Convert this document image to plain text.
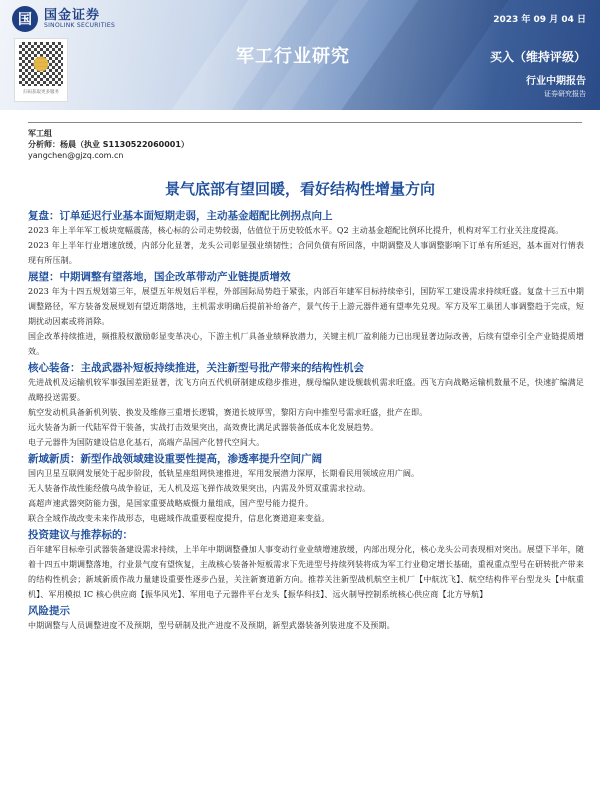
国 国金证券
SINOLINK SECURITIES
扫码获取更多服务
2023 年 09 月 04 日
军工行业研究	买入（维持评级）
行业中期报告
证券研究报告
军工组
分析师：杨晨（执业 S1130522060001）
yangchen@gjzq.com.cn
景气底部有望回暖，看好结构性增量方向
复盘：订单延迟行业基本面短期走弱，主动基金超配比例拐点向上

2023 年上半年军工板块宽幅震荡，核心标的公司走势较弱，估值位于历史较低水平。Q2 主动基金超配比例环比提升，机构对军工行业关注度提高。

2023 年上半年行业增速放缓，内部分化显著，龙头公司彰显强业绩韧性；合同负债有所回落，中期调整及人事调整影响下订单有所延迟，基本面对行情表现有所压制。

展望：中期调整有望落地，国企改革带动产业链提质增效

2023 年为十四五规划第三年，展望五年规划后半程，外部国际局势趋于紧张，内部百年建军目标持续牵引，国防军工建设需求持续旺盛。复盘十三五中期调整路径，军方装备发展规划有望近期落地，主机需求明确后提前补给备产，景气传于上游元器件通有望率先兑现。军方及军工巢团人事调整趋于完成，短期扰动因素或将消除。

国企改革持续推进，频推股权激励彰显变革决心，下游主机厂具备业绩释放潜力，关键主机厂盈利能力已出现显著边际改善，后续有望牵引全产业链提质增效。

核心装备：主战武器补短板持续推进，关注新型号批产带来的结构性机会

先进战机及运输机较军事强国差距显著，沈飞方向五代机研制建成稳步推进，舰母编队建设舰载机需求旺盛。西飞方向战略运输机数量不足，快速扩编满足战略投送需要。

航空发动机具备新机列装、换发及维修三重增长逻辑，赛道长坡厚雪，黎阳方向中推型号需求旺盛，批产在即。

远火装备为新一代陆军骨干装备，实战打击效果突出，高效费比满足武器装备低成本化发展趋势。

电子元器件为国防建设信息化基石，高端产品国产化替代空间大。

新域新质：新型作战领域建设重要性提高，渗透率提升空间广阔

国内卫星互联网发展处于起步阶段，低轨星座组网快速推进，军用发展潜力深厚，长期看民用领域应用广阔。

无人装备作战性能经俄乌战争验证，无人机及巡飞弹作战效果突出，内需及外贸双重需求拉动。

高超声速武器突防能力强，是国家重要战略威慑力量组成，国产型号能力提升。

联合全域作战改变未来作战形态，电磁域作战重要程度提升，信息化赛道迎来变益。

投资建议与推荐标的：

百年建军目标牵引武器装备建设需求持续，上半年中期调整叠加人事变动行业业绩增速放缓，内部出现分化，核心龙头公司表现相对突出。展望下半年，随着十四五中期调整落地，行业景气度有望恢复，主战核心装备补短板需求下先进型号持续列装将成为军工行业稳定增长基础，重视重点型号在研转批产带来的结构性机会；新域新质作战力量建设重要性逐步凸显，关注新赛道新方向。推荐关注新型战机航空主机厂【中航沈飞】、航空结构件平台型龙头【中航重机】、军用模拟 IC 核心供应商【振华风光】、军用电子元器件平台龙头【振华科技】、远火制导控制系统核心供应商【北方导航】

风险提示

中期调整与人员调整进度不及预期，型号研制及批产进度不及预期，新型武器装备列装进度不及预期。
